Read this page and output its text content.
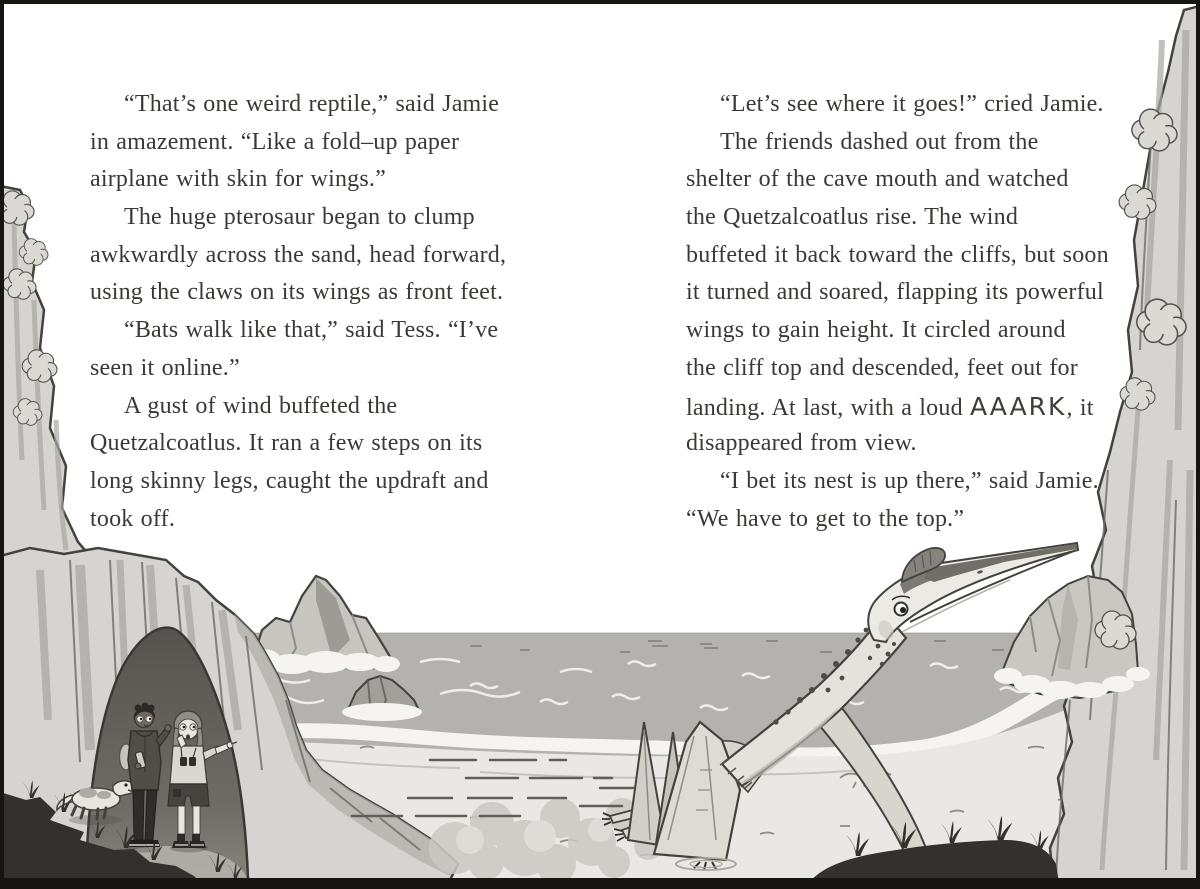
“That’s one weird reptile,” said Jamie
in amazement. “Like a fold–up paper
airplane with skin for wings.”
The huge pterosaur began to clump
awkwardly across the sand, head forward,
using the claws on its wings as front feet.
“Bats walk like that,” said Tess. “I’ve
seen it online.”
A gust of wind buffeted the
Quetzalcoatlus. It ran a few steps on its
long skinny legs, caught the updraft and
took off.
“Let’s see where it goes!” cried Jamie.
The friends dashed out from the
shelter of the cave mouth and watched
the Quetzalcoatlus rise. The wind
buffeted it back toward the cliffs, but soon
it turned and soared, flapping its powerful
wings to gain height. It circled around
the cliff top and descended, feet out for
landing. At last, with a loud AAARK, it
disappeared from view.
“I bet its nest is up there,” said Jamie.
“We have to get to the top.”
